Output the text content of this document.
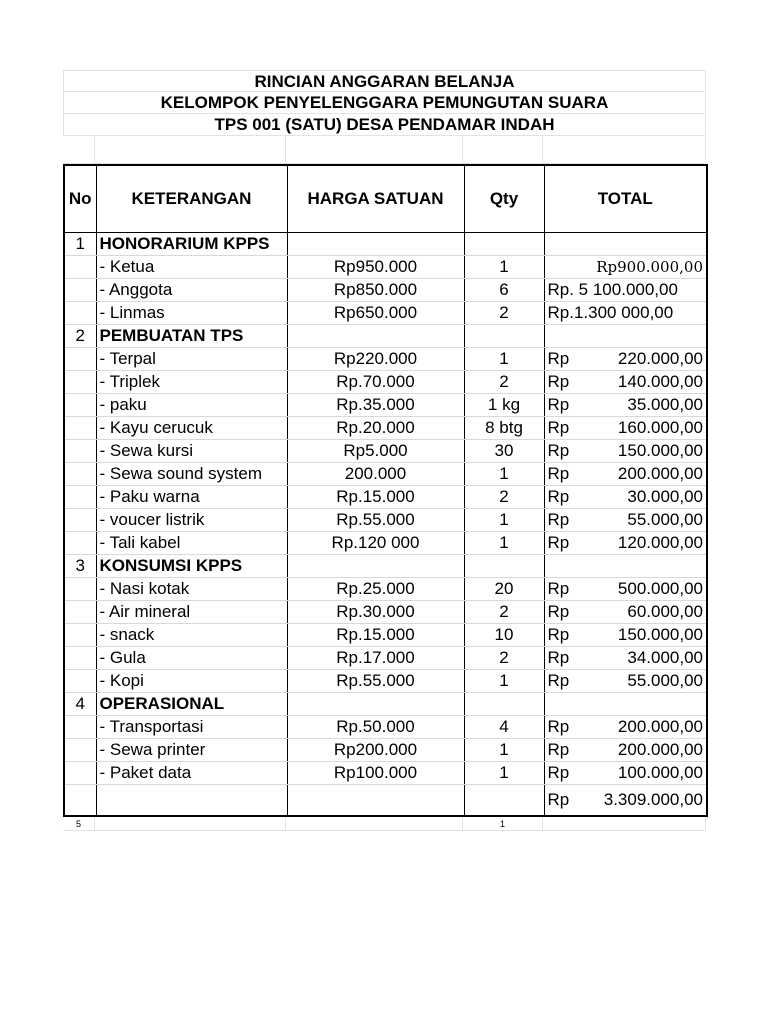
RINCIAN ANGGARAN BELANJA
KELOMPOK PENYELENGGARA PEMUNGUTAN SUARA
TPS 001 (SATU) DESA PENDAMAR INDAH
No	KETERANGAN	HARGA SATUAN	Qty	TOTAL
1	HONORARIUM KPPS			
	- Ketua	Rp950.000	1	Rp900.000,00
	- Anggota	Rp850.000	6	Rp. 5 100.000,00
	- Linmas	Rp650.000	2	Rp.1.300 000,00
2	PEMBUATAN TPS			
	- Terpal	Rp220.000	1	Rp 220.000,00

	- Triplek	Rp.70.000	2	Rp 140.000,00

	- paku	Rp.35.000	1 kg	Rp 35.000,00

	- Kayu cerucuk	Rp.20.000	8 btg	Rp 160.000,00

	- Sewa kursi	Rp5.000	30	Rp 150.000,00

	- Sewa sound system	200.000	1	Rp 200.000,00

	- Paku warna	Rp.15.000	2	Rp 30.000,00

	- voucer listrik	Rp.55.000	1	Rp 55.000,00

	- Tali kabel	Rp.120 000	1	Rp 120.000,00

3	KONSUMSI KPPS			
	- Nasi kotak	Rp.25.000	20	Rp 500.000,00

	- Air mineral	Rp.30.000	2	Rp 60.000,00

	- snack	Rp.15.000	10	Rp 150.000,00

	- Gula	Rp.17.000	2	Rp 34.000,00

	- Kopi	Rp.55.000	1	Rp 55.000,00

4	OPERASIONAL			
	- Transportasi	Rp.50.000	4	Rp 200.000,00

	- Sewa printer	Rp200.000	1	Rp 200.000,00

	- Paket data	Rp100.000	1	Rp 100.000,00

				Rp 3.309.000,00
5	1
